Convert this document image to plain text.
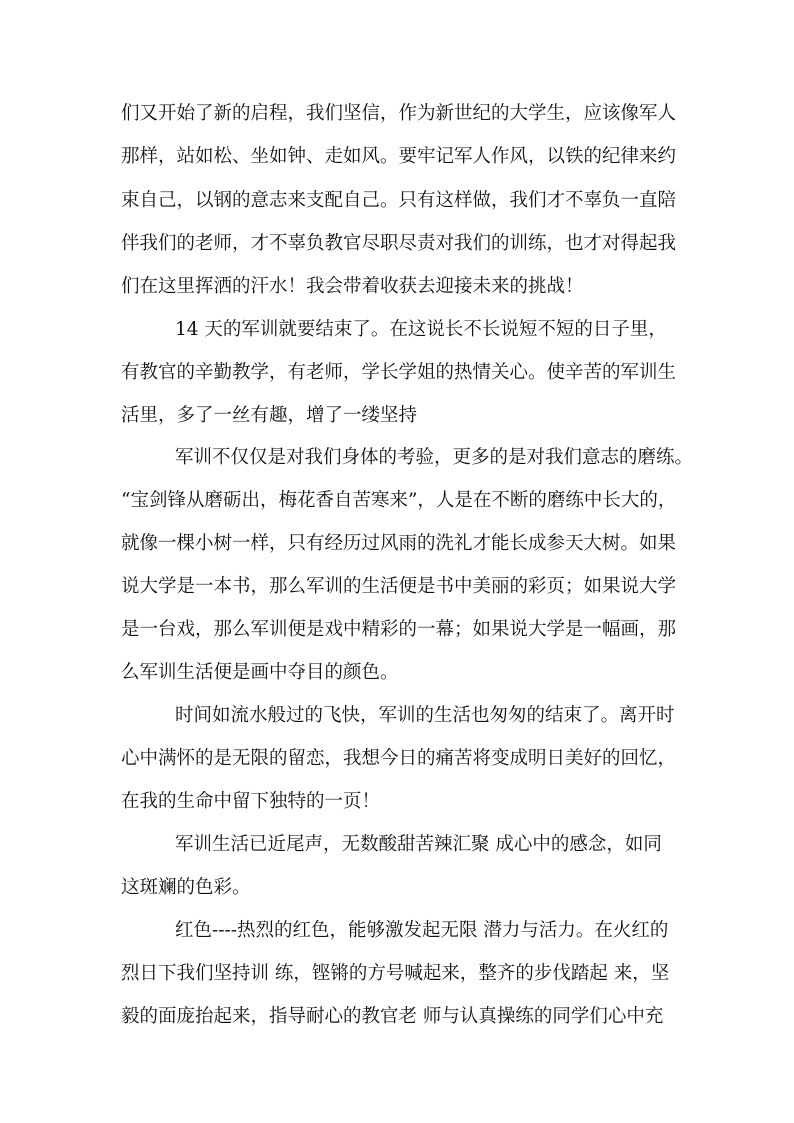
们又开始了新的启程，我们坚信，作为新世纪的大学生，应该像军人

那样，站如松、坐如钟、走如风。要牢记军人作风，以铁的纪律来约

束自己，以钢的意志来支配自己。只有这样做，我们才不辜负一直陪

伴我们的老师，才不辜负教官尽职尽责对我们的训练，也才对得起我

们在这里挥洒的汗水！我会带着收获去迎接未来的挑战！

14 天的军训就要结束了。在这说长不长说短不短的日子里，

有教官的辛勤教学，有老师，学长学姐的热情关心。使辛苦的军训生

活里，多了一丝有趣，增了一缕坚持

军训不仅仅是对我们身体的考验，更多的是对我们意志的磨练。

“宝剑锋从磨砺出，梅花香自苦寒来”，人是在不断的磨练中长大的，

就像一棵小树一样，只有经历过风雨的洗礼才能长成参天大树。如果

说大学是一本书，那么军训的生活便是书中美丽的彩页；如果说大学

是一台戏，那么军训便是戏中精彩的一幕；如果说大学是一幅画，那

么军训生活便是画中夺目的颜色。

时间如流水般过的飞快，军训的生活也匆匆的结束了。离开时

心中满怀的是无限的留恋，我想今日的痛苦将变成明日美好的回忆，

在我的生命中留下独特的一页！

军训生活已近尾声，无数酸甜苦辣汇聚 成心中的感念，如同

这斑斓的色彩。

红色----热烈的红色，能够激发起无限 潜力与活力。在火红的

烈日下我们坚持训 练，铿锵的方号喊起来，整齐的步伐踏起 来，坚

毅的面庞抬起来，指导耐心的教官老 师与认真操练的同学们心中充
